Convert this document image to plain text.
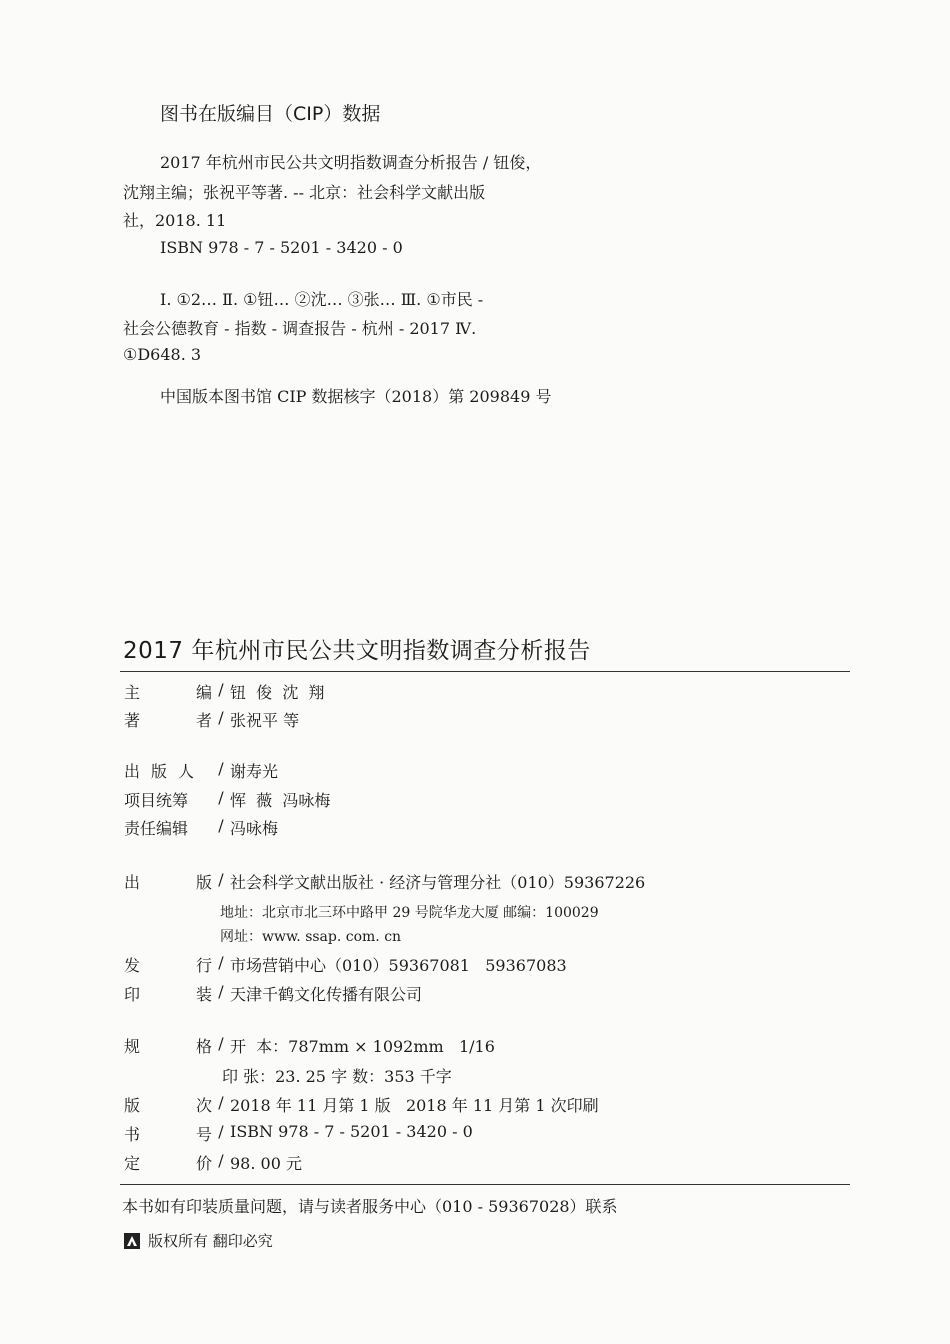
图书在版编目（CIP）数据
2017 年杭州市民公共文明指数调查分析报告 / 钮俊，
沈翔主编；张祝平等著. -- 北京：社会科学文献出版
社，2018. 11
ISBN 978 - 7 - 5201 - 3420 - 0
Ⅰ. ①2… Ⅱ. ①钮… ②沈… ③张… Ⅲ. ①市民 -
社会公德教育 - 指数 - 调查报告 - 杭州 - 2017 Ⅳ.
①D648. 3
中国版本图书馆 CIP 数据核字（2018）第 209849 号
2017 年杭州市民公共文明指数调查分析报告
主	编 / 钮  俊  沈  翔
著	者 / 张祝平 等
出 版 人	/ 谢寿光
项目统筹	/ 恽  薇  冯咏梅
责任编辑	/ 冯咏梅
出	版 / 社会科学文献出版社 · 经济与管理分社（010）59367226
地址：北京市北三环中路甲 29 号院华龙大厦 邮编：100029
网址：www. ssap. com. cn
发	行 / 市场营销中心（010）59367081   59367083
印	装 / 天津千鹤文化传播有限公司
规	格 / 开  本：787mm × 1092mm   1/16
印 张：23. 25 字 数：353 千字
版	次 / 2018 年 11 月第 1 版   2018 年 11 月第 1 次印刷
书	号 / ISBN 978 - 7 - 5201 - 3420 - 0
定	价 / 98. 00 元
本书如有印装质量问题，请与读者服务中心（010 - 59367028）联系
版权所有 翻印必究
